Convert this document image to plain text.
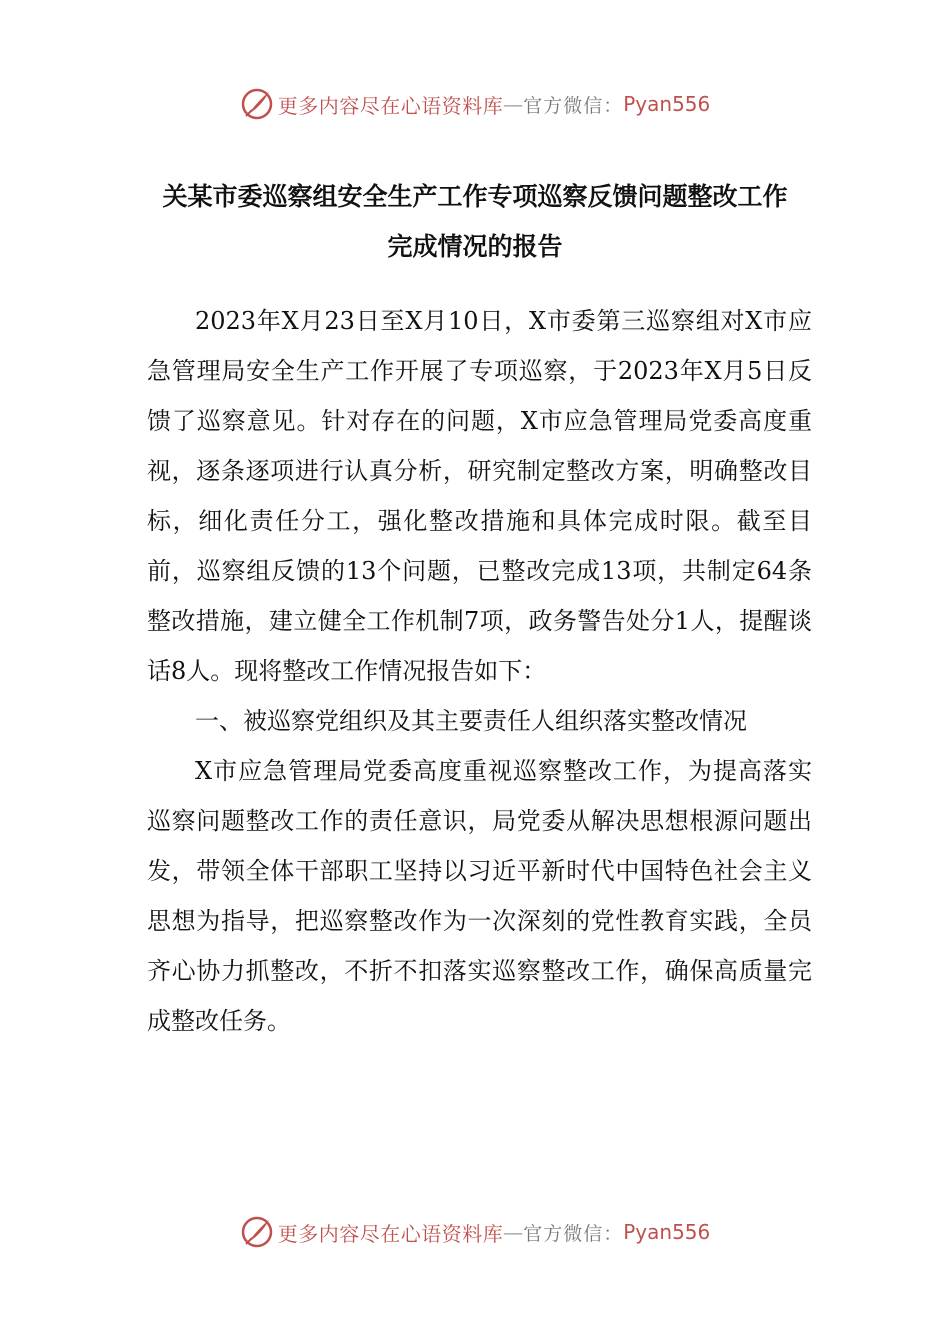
更多内容尽在心语资料库 — 官方微信： Pyan556
关某市委巡察组安全生产工作专项巡察反馈问题整改工作
完成情况的报告

2023年X月23日至X月10日，X市委第三巡察组对X市应急管理局安全生产工作开展了专项巡察，于2023年X月5日反馈了巡察意见。针对存在的问题，X市应急管理局党委高度重视，逐条逐项进行认真分析，研究制定整改方案，明确整改目标，细化责任分工，强化整改措施和具体完成时限。截至目前，巡察组反馈的13个问题，已整改完成13项，共制定64条整改措施，建立健全工作机制7项，政务警告处分1人，提醒谈话8人。现将整改工作情况报告如下：

一、被巡察党组织及其主要责任人组织落实整改情况

X市应急管理局党委高度重视巡察整改工作，为提高落实巡察问题整改工作的责任意识，局党委从解决思想根源问题出发，带领全体干部职工坚持以习近平新时代中国特色社会主义思想为指导，把巡察整改作为一次深刻的党性教育实践，全员齐心协力抓整改，不折不扣落实巡察整改工作，确保高质量完成整改任务。

更多内容尽在心语资料库 — 官方微信： Pyan556
